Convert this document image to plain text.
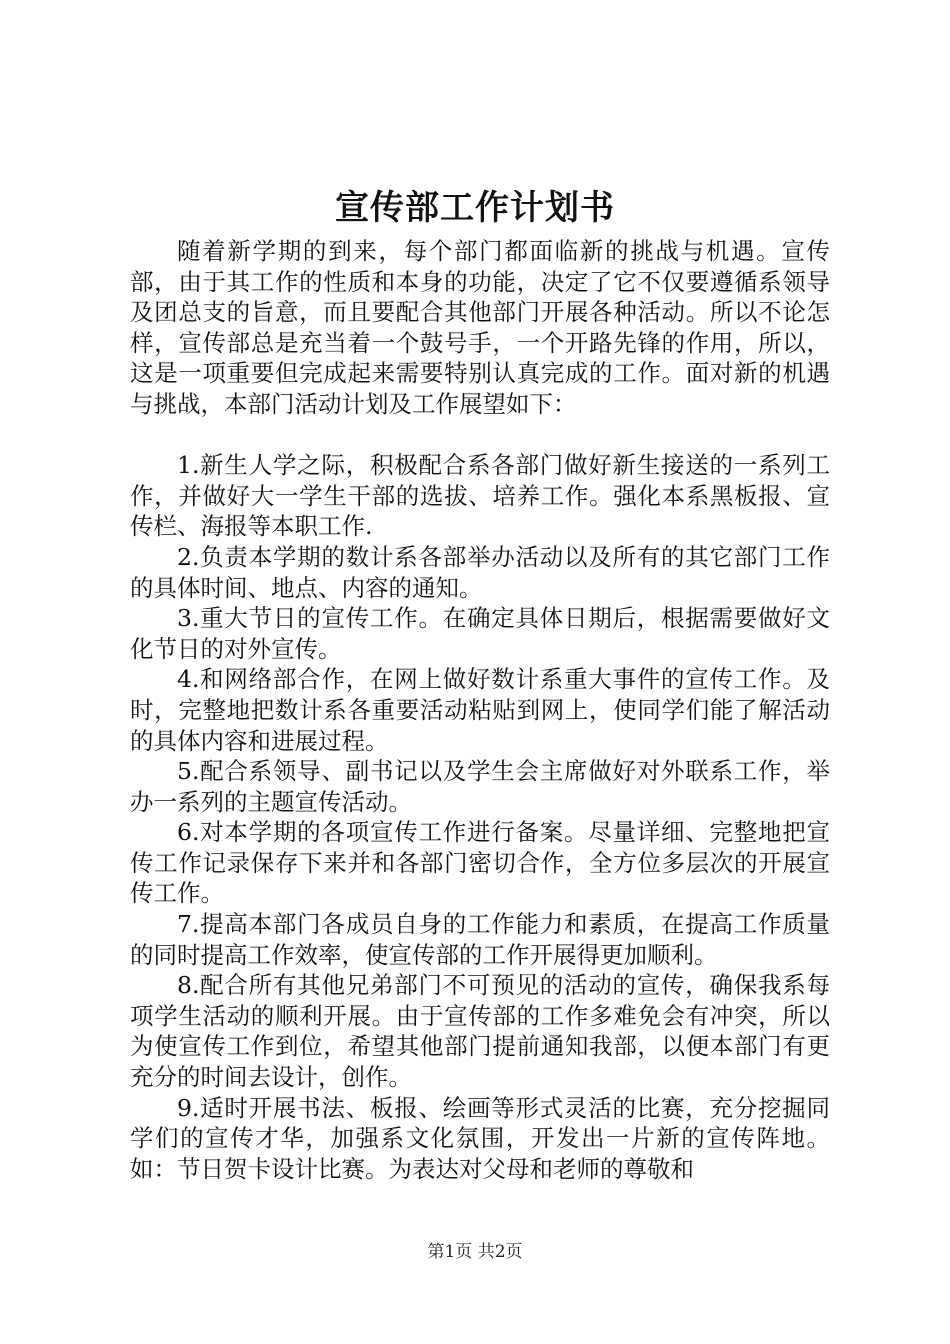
宣传部工作计划书

随着新学期的到来，每个部门都面临新的挑战与机遇。宣传部，由于其工作的性质和本身的功能，决定了它不仅要遵循系领导及团总支的旨意，而且要配合其他部门开展各种活动。所以不论怎样，宣传部总是充当着一个鼓号手，一个开路先锋的作用，所以，这是一项重要但完成起来需要特别认真完成的工作。面对新的机遇与挑战，本部门活动计划及工作展望如下：

1.新生人学之际，积极配合系各部门做好新生接送的一系列工作，并做好大一学生干部的选拔、培养工作。强化本系黑板报、宣传栏、海报等本职工作.

2.负责本学期的数计系各部举办活动以及所有的其它部门工作的具体时间、地点、内容的通知。

3.重大节日的宣传工作。在确定具体日期后，根据需要做好文化节日的对外宣传。

4.和网络部合作，在网上做好数计系重大事件的宣传工作。及时，完整地把数计系各重要活动粘贴到网上，使同学们能了解活动的具体内容和进展过程。

5.配合系领导、副书记以及学生会主席做好对外联系工作，举办一系列的主题宣传活动。

6.对本学期的各项宣传工作进行备案。尽量详细、完整地把宣传工作记录保存下来并和各部门密切合作，全方位多层次的开展宣传工作。

7.提高本部门各成员自身的工作能力和素质，在提高工作质量的同时提高工作效率，使宣传部的工作开展得更加顺利。

8.配合所有其他兄弟部门不可预见的活动的宣传，确保我系每项学生活动的顺利开展。由于宣传部的工作多难免会有冲突，所以为使宣传工作到位，希望其他部门提前通知我部，以便本部门有更充分的时间去设计，创作。

9.适时开展书法、板报、绘画等形式灵活的比赛，充分挖掘同学们的宣传才华，加强系文化氛围，开发出一片新的宣传阵地。如：节日贺卡设计比赛。为表达对父母和老师的尊敬和

第1页 共2页
